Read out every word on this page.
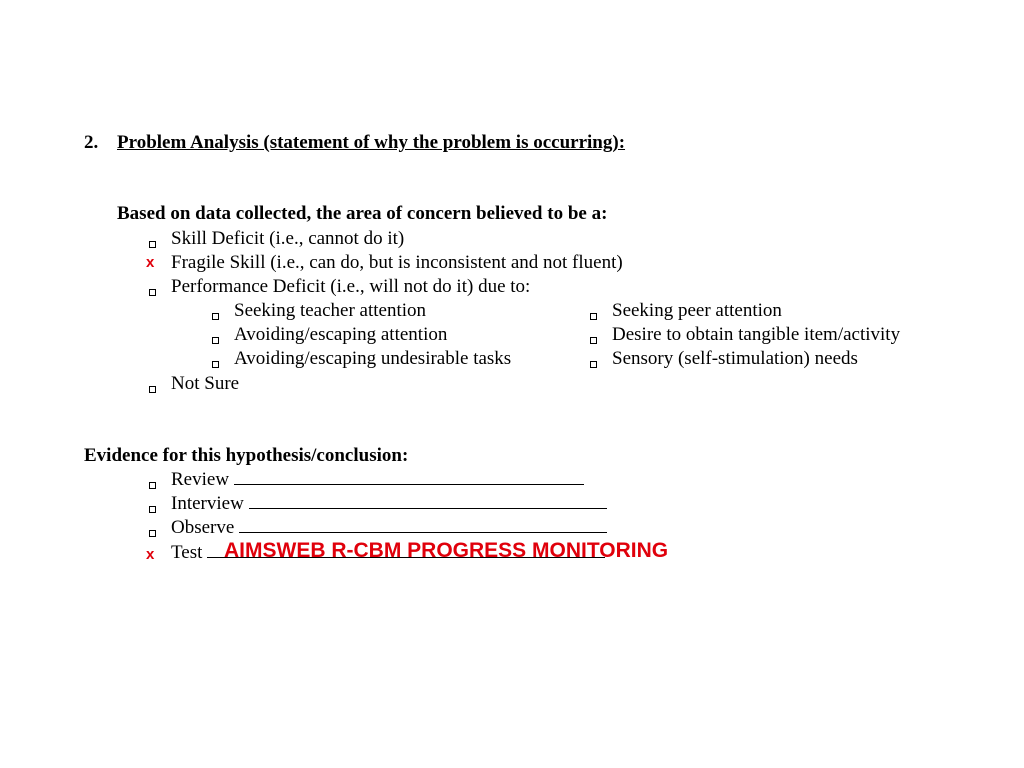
2. Problem Analysis (statement of why the problem is occurring):
Based on data collected, the area of concern believed to be a:
Skill Deficit (i.e., cannot do it)
x Fragile Skill (i.e., can do, but is inconsistent and not fluent)
Performance Deficit (i.e., will not do it) due to:
Seeking teacher attention
Avoiding/escaping attention
Avoiding/escaping undesirable tasks
Seeking peer attention
Desire to obtain tangible item/activity
Sensory (self-stimulation) needs
Not Sure
Evidence for this hypothesis/conclusion:
Review
Interview
Observe
x Test	AIMSWEB R-CBM PROGRESS MONITORING
